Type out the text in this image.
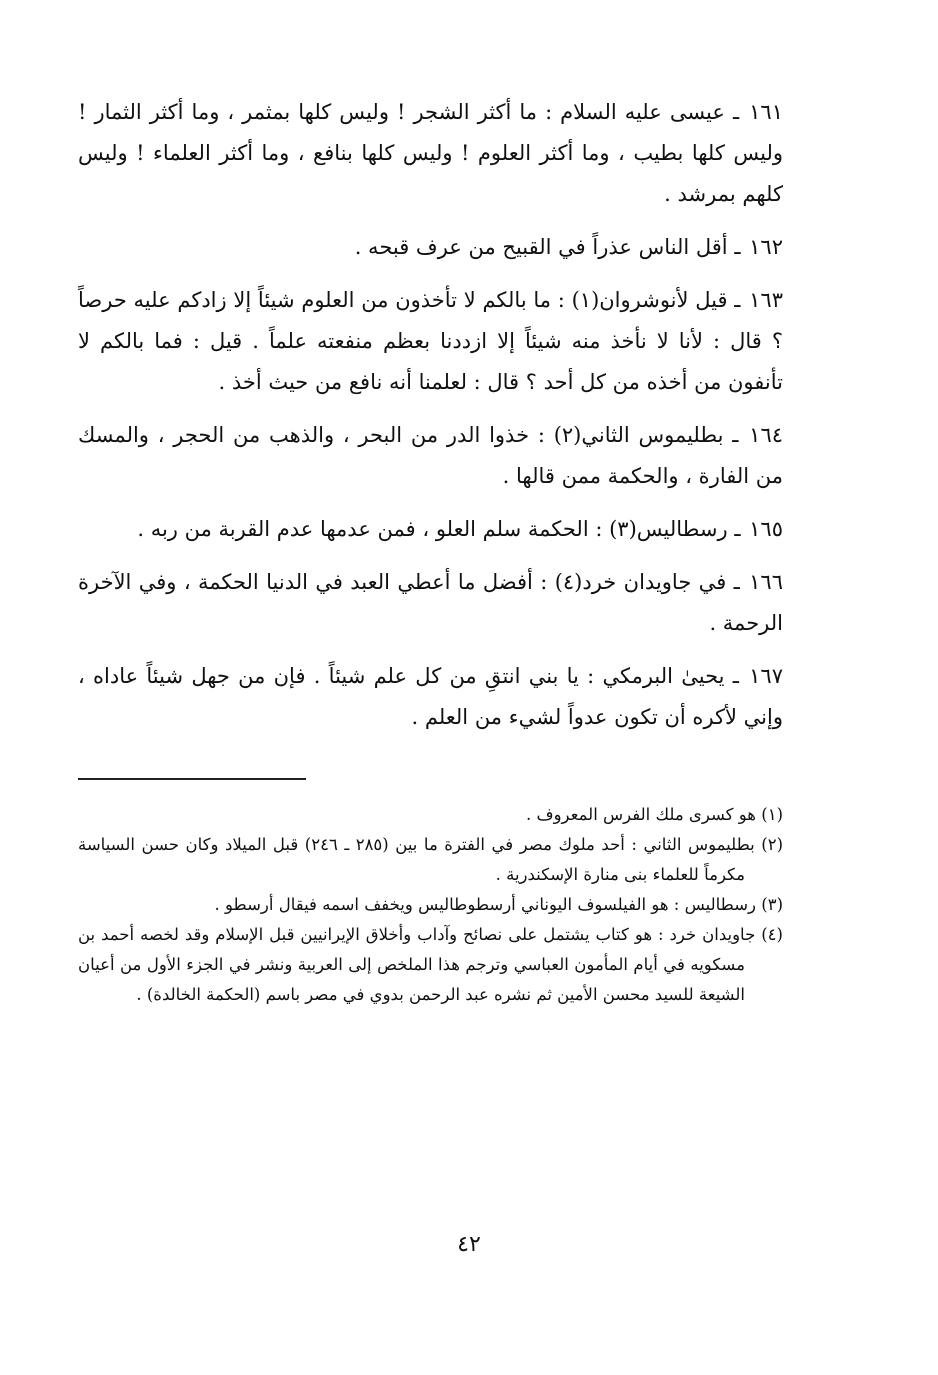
١٦١ ـ عيسى عليه السلام : ما أكثر الشجر ! وليس كلها بمثمر ، وما أكثر الثمار ! وليس كلها بطيب ، وما أكثر العلوم ! وليس كلها بنافع ، وما أكثر العلماء ! وليس كلهم بمرشد .

١٦٢ ـ أقل الناس عذراً في القبيح من عرف قبحه .

١٦٣ ـ قيل لأنوشروان(١) : ما بالكم لا تأخذون من العلوم شيئاً إلا زادكم عليه حرصاً ؟ قال : لأنا لا نأخذ منه شيئاً إلا ازددنا بعظم منفعته علماً . قيل : فما بالكم لا تأنفون من أخذه من كل أحد ؟ قال : لعلمنا أنه نافع من حيث أخذ .

١٦٤ ـ بطليموس الثاني(٢) : خذوا الدر من البحر ، والذهب من الحجر ، والمسك من الفارة ، والحكمة ممن قالها .

١٦٥ ـ رسطاليس(٣) : الحكمة سلم العلو ، فمن عدمها عدم القربة من ربه .

١٦٦ ـ في جاويدان خرد(٤) : أفضل ما أعطي العبد في الدنيا الحكمة ، وفي الآخرة الرحمة .

١٦٧ ـ يحيىٰ البرمكي : يا بني انتقِ من كل علم شيئاً . فإن من جهل شيئاً عاداه ، وإني لأكره أن تكون عدواً لشيء من العلم .

(١) هو كسرى ملك الفرس المعروف .

(٢) بطليموس الثاني : أحد ملوك مصر في الفترة ما بين (٢٨٥ ـ ٢٤٦) قبل الميلاد وكان حسن السياسة مكرماً للعلماء بنى منارة الإسكندرية .

(٣) رسطاليس : هو الفيلسوف اليوناني أرسطوطاليس ويخفف اسمه فيقال أرسطو .

(٤) جاويدان خرد : هو كتاب يشتمل على نصائح وآداب وأخلاق الإيرانيين قبل الإسلام وقد لخصه أحمد بن مسكويه في أيام المأمون العباسي وترجم هذا الملخص إلى العربية ونشر في الجزء الأول من أعيان الشيعة للسيد محسن الأمين ثم نشره عبد الرحمن بدوي في مصر باسم (الحكمة الخالدة) .

٤٢
